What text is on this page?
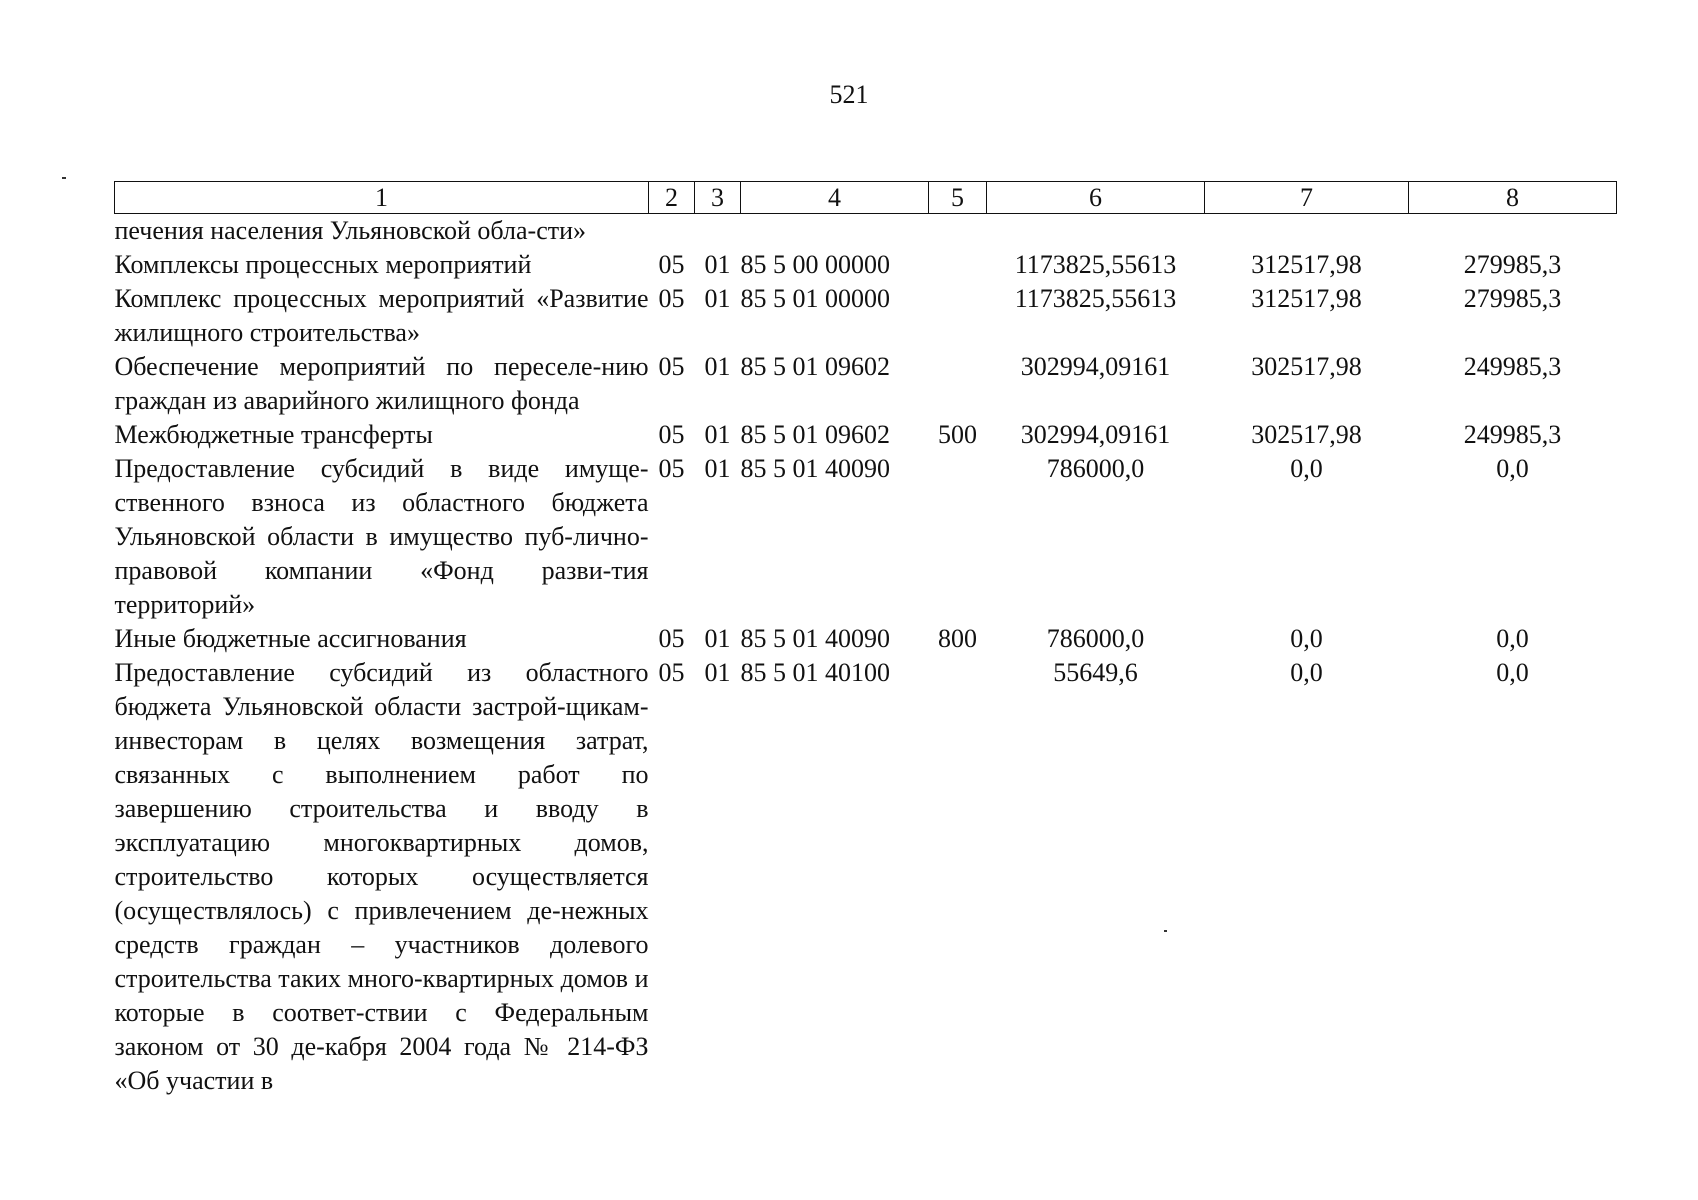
521
1	2	3	4	5	6	7	8
печения населения Ульяновской обла-сти»							
Комплексы процессных мероприятий	05	01	85 5 00 00000		1173825,55613	312517,98	279985,3
Комплекс процессных мероприятий «Развитие жилищного строительства»	05	01	85 5 01 00000		1173825,55613	312517,98	279985,3
Обеспечение мероприятий по переселе-нию граждан из аварийного жилищного фонда	05	01	85 5 01 09602		302994,09161	302517,98	249985,3
Межбюджетные трансферты	05	01	85 5 01 09602	500	302994,09161	302517,98	249985,3
Предоставление субсидий в виде имуще-ственного взноса из областного бюджета Ульяновской области в имущество пуб-лично-правовой компании «Фонд разви-тия территорий»	05	01	85 5 01 40090		786000,0	0,0	0,0
Иные бюджетные ассигнования	05	01	85 5 01 40090	800	786000,0	0,0	0,0
Предоставление субсидий из областного бюджета Ульяновской области застрой-щикам-инвесторам в целях возмещения затрат, связанных с выполнением работ по завершению строительства и вводу в эксплуатацию многоквартирных домов, строительство которых осуществляется (осуществлялось) с привлечением де-нежных средств граждан – участников долевого строительства таких много-квартирных домов и которые в соответ-ствии с Федеральным законом от 30 де-кабря 2004 года № 214-ФЗ «Об участии в	05	01	85 5 01 40100		55649,6	0,0	0,0
